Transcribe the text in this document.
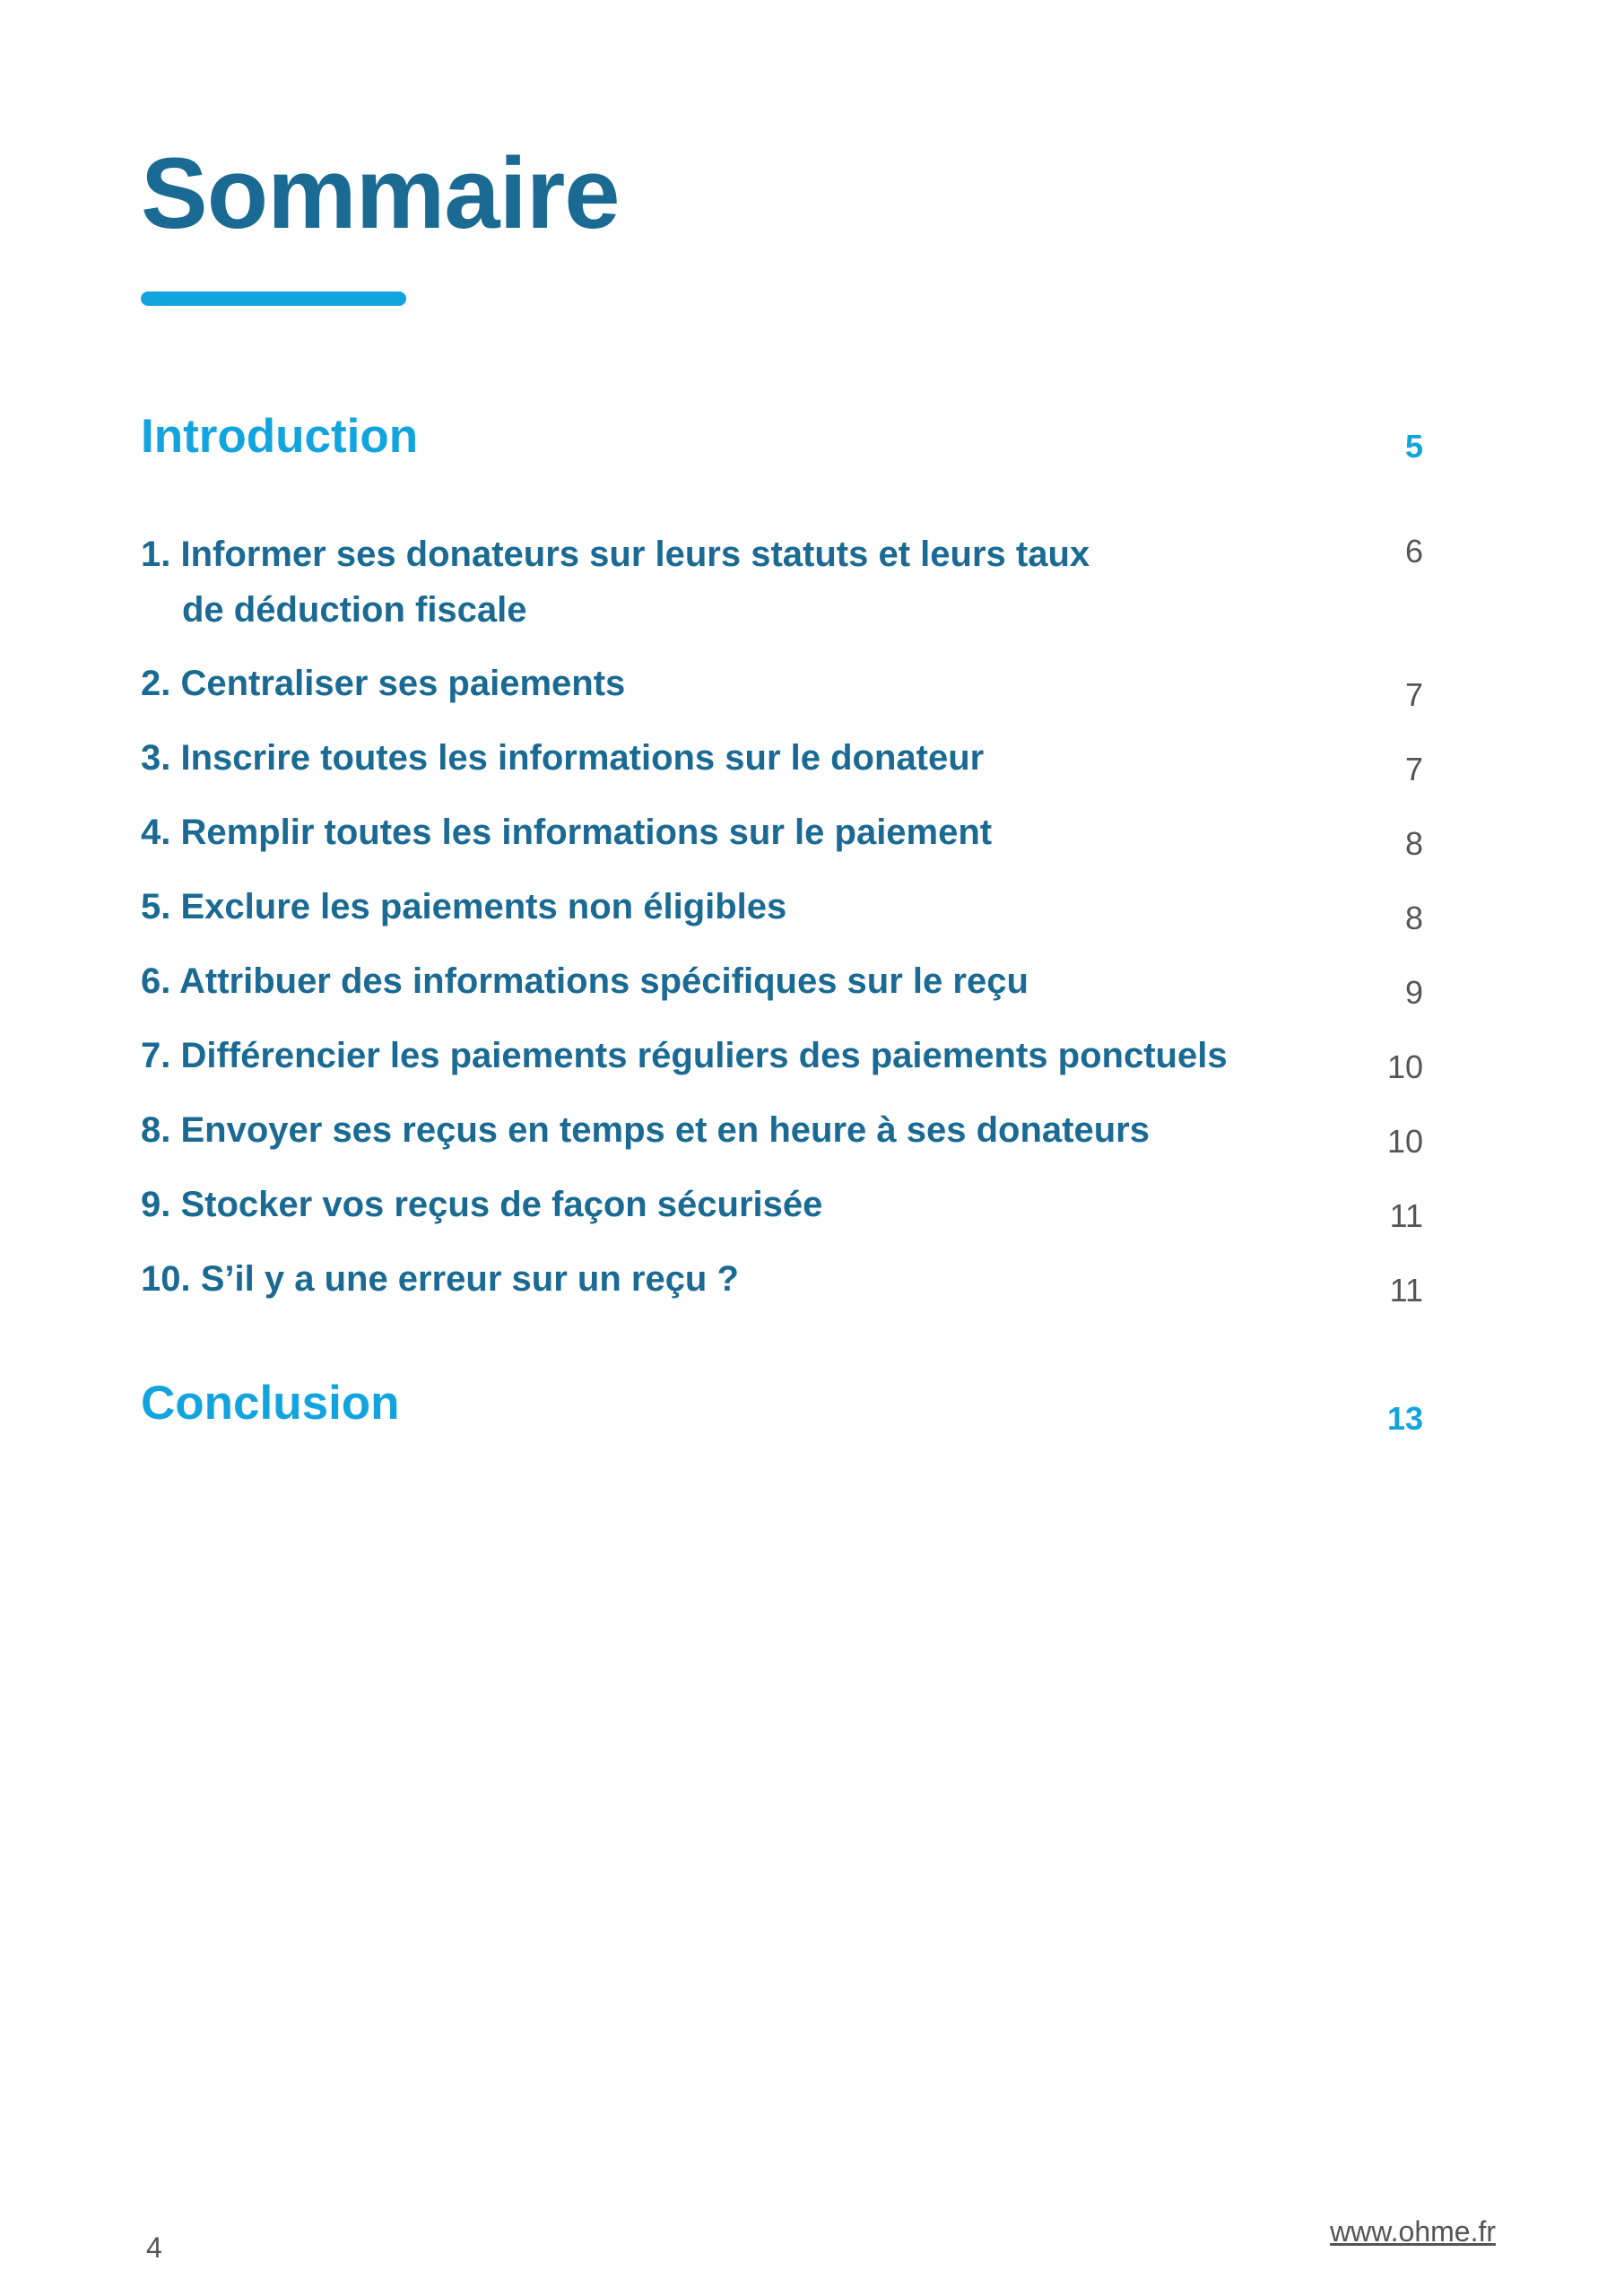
Sommaire
Introduction	5
1. Informer ses donateurs sur leurs statuts et leurs taux
de déduction fiscale
6
2. Centraliser ses paiements	7
3. Inscrire toutes les informations sur le donateur	7
4. Remplir toutes les informations sur le paiement	8
5. Exclure les paiements non éligibles	8
6. Attribuer des informations spécifiques sur le reçu	9
7. Différencier les paiements réguliers des paiements ponctuels	10
8. Envoyer ses reçus en temps et en heure à ses donateurs	10
9. Stocker vos reçus de façon sécurisée	11
10. S’il y a une erreur sur un reçu ?	11
Conclusion	13
4	www.ohme.fr
